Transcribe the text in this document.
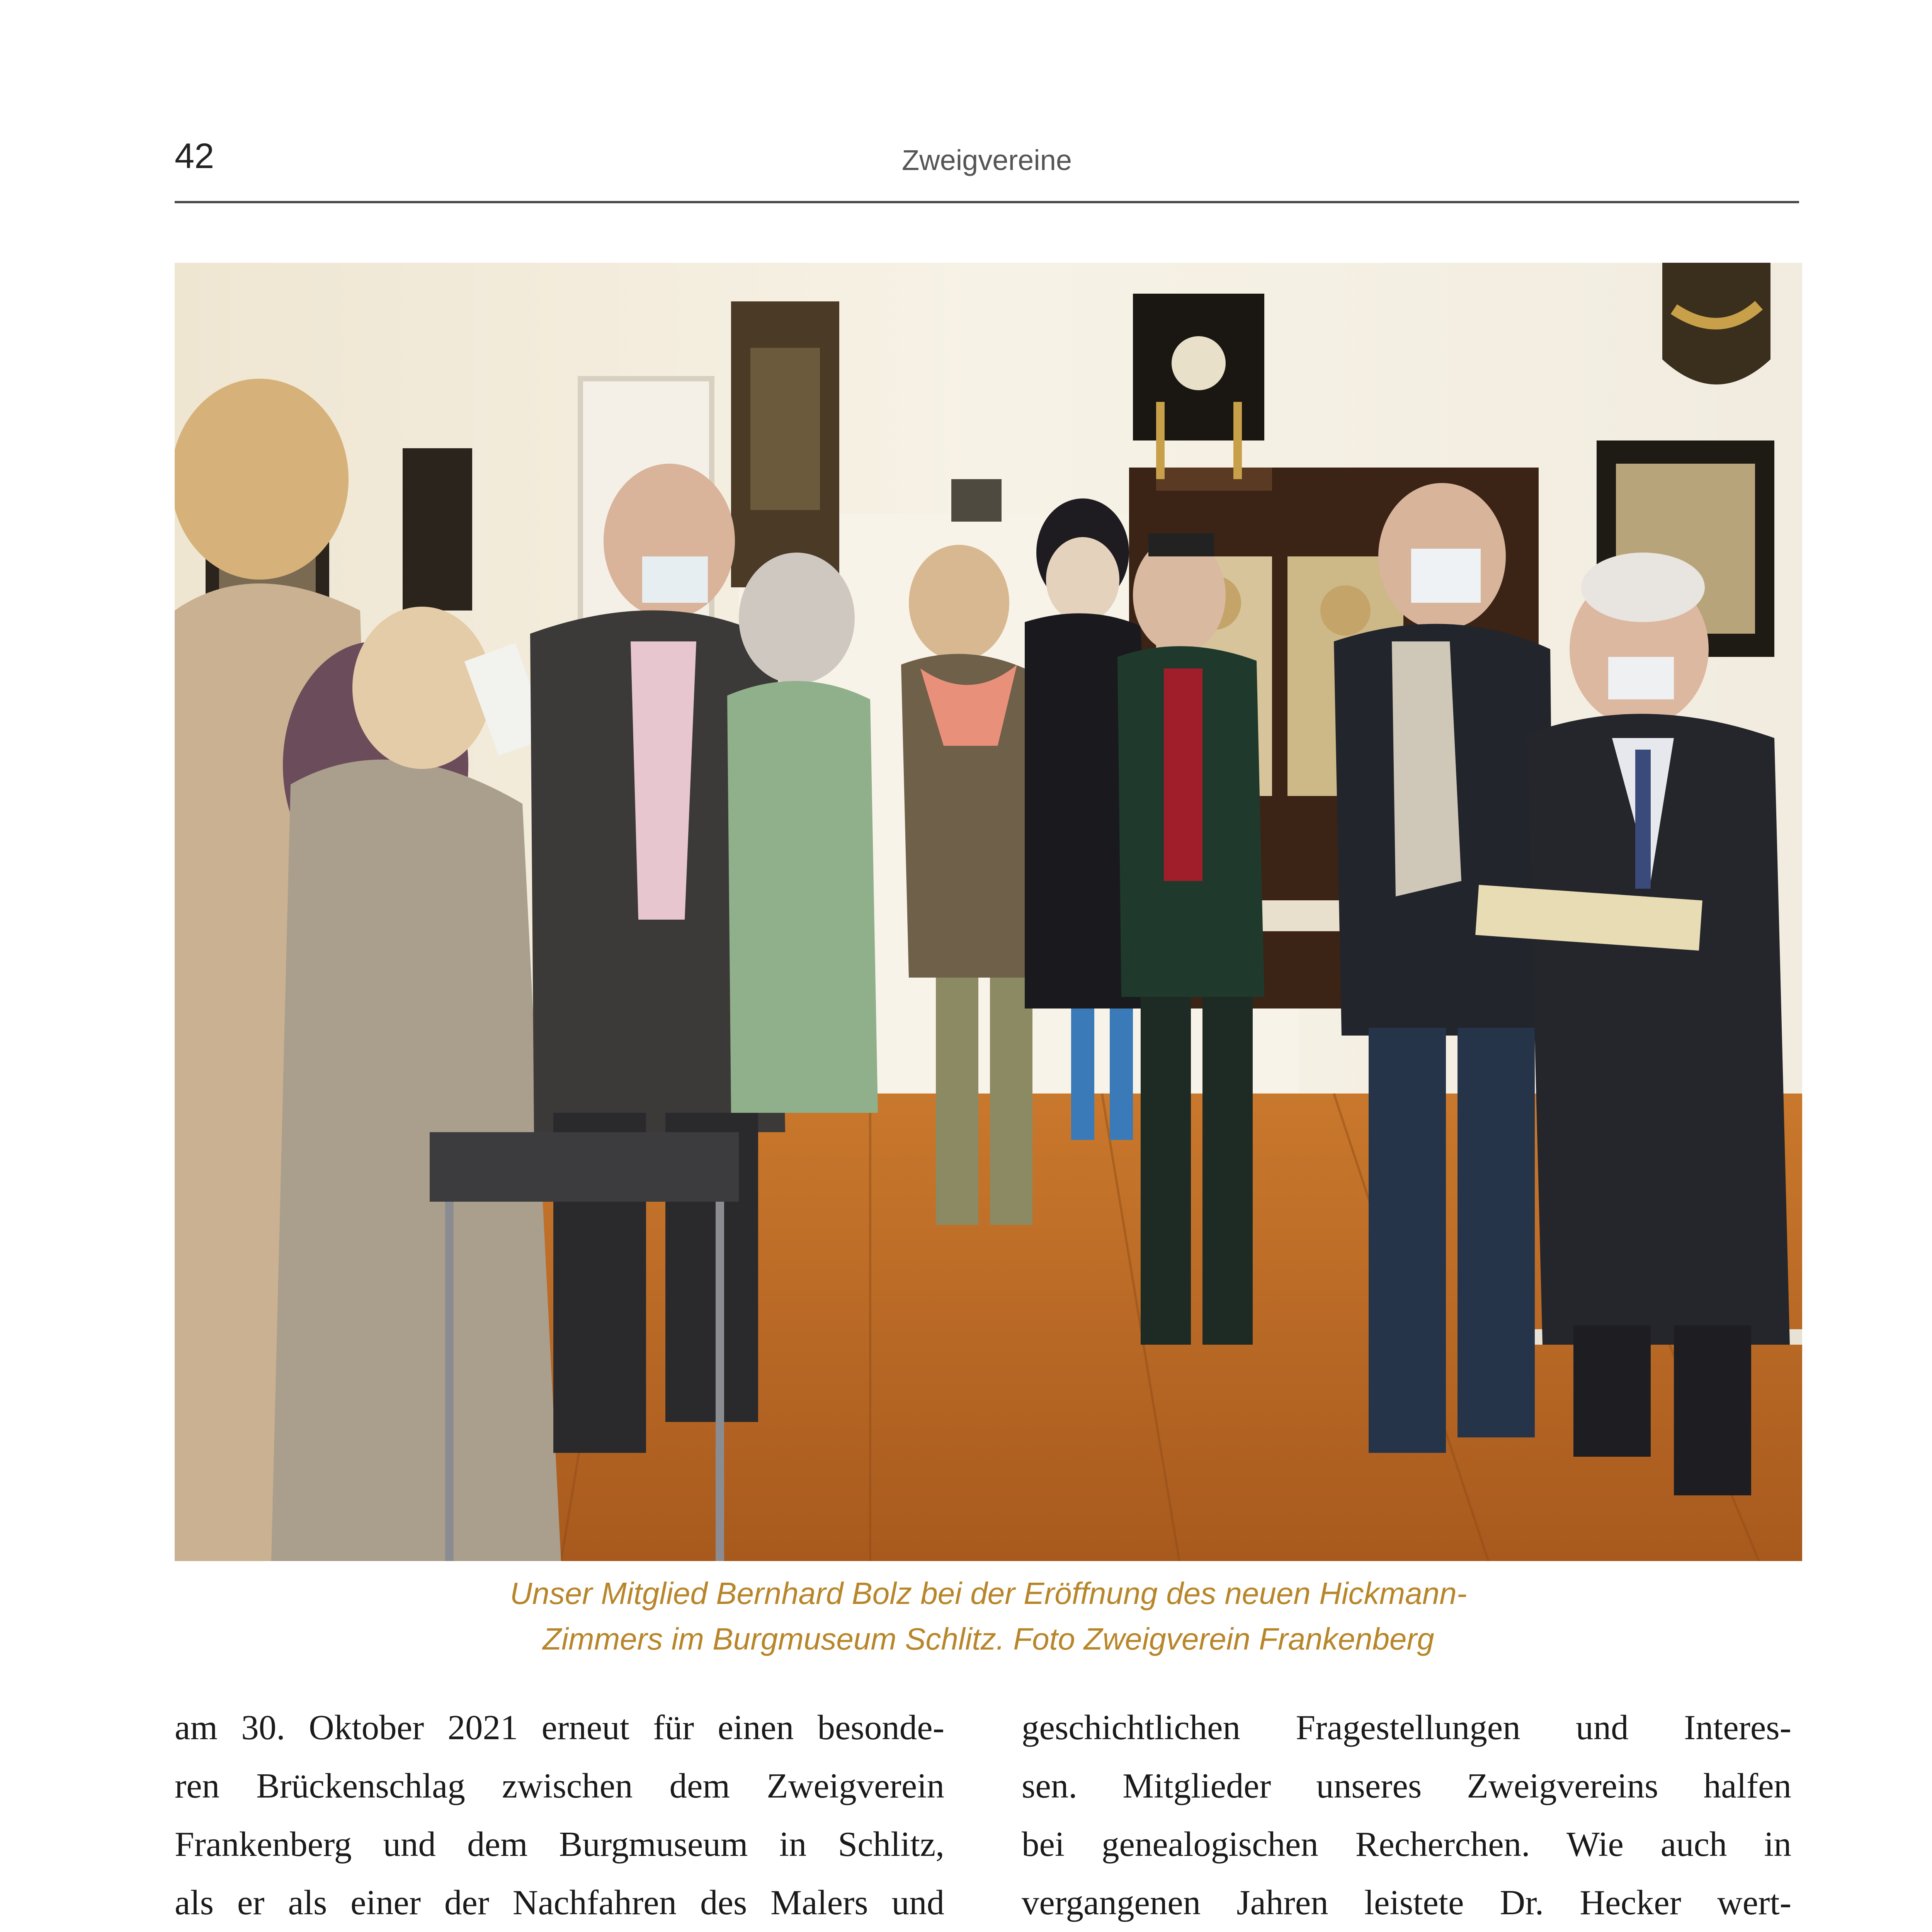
42	Zweigvereine
Unser Mitglied Bernhard Bolz bei der Eröffnung des neuen Hickmann-
Zimmers im Burgmuseum Schlitz. Foto Zweigverein Frankenberg
am 30. Oktober 2021 erneut für einen besonde-
ren Brückenschlag zwischen dem Zweigverein
Frankenberg und dem Burgmuseum in Schlitz,
als er als einer der Nachfahren des Malers und
geschichtlichen Fragestellungen und Interes-
sen. Mitglieder unseres Zweigvereins halfen
bei genealogischen Recherchen. Wie auch in
vergangenen Jahren leistete Dr. Hecker wert-
